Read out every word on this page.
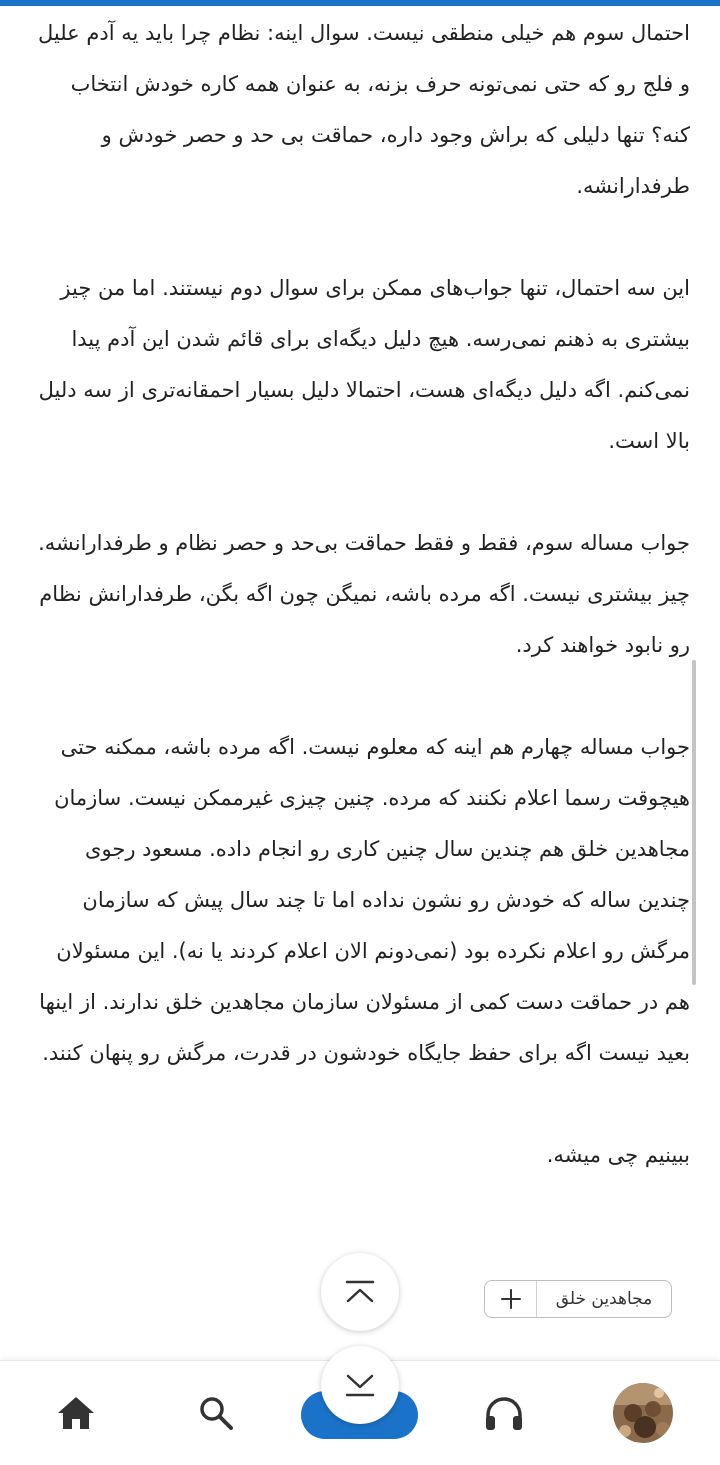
احتمال سوم هم خیلی منطقی نیست. سوال اینه: نظام چرا باید یه آدم علیل و فلج رو که حتی نمی‌تونه حرف بزنه، به عنوان همه کاره خودش انتخاب کنه؟ تنها دلیلی که براش وجود داره، حماقت بی حد و حصر خودش و طرفدارانشه.

این سه احتمال، تنها جواب‌های ممکن برای سوال دوم نیستند. اما من چیز بیشتری به ذهنم نمی‌رسه. هیچ دلیل دیگه‌ای برای قائم شدن این آدم پیدا نمی‌کنم. اگه دلیل دیگه‌ای هست، احتمالا دلیل بسیار احمقانه‌تری از سه دلیل بالا است.

جواب مساله سوم، فقط و فقط حماقت بی‌حد و حصر نظام و طرفدارانشه. چیز بیشتری نیست. اگه مرده باشه، نمیگن چون اگه بگن، طرفدارانش نظام رو نابود خواهند کرد.

جواب مساله چهارم هم اینه که معلوم نیست. اگه مرده باشه، ممکنه حتی هیچوقت رسما اعلام نکنند که مرده. چنین چیزی غیرممکن نیست. سازمان مجاهدین خلق هم چندین سال چنین کاری رو انجام داده. مسعود رجوی چندین ساله که خودش رو نشون نداده اما تا چند سال پیش که سازمان مرگش رو اعلام نکرده بود (نمی‌دونم الان اعلام کردند یا نه). این مسئولان هم در حماقت دست کمی از مسئولان سازمان مجاهدین خلق ندارند. از اینها بعید نیست اگه برای حفظ جایگاه خودشون در قدرت، مرگش رو پنهان کنند.

ببینیم چی میشه.

مجاهدین خلق
